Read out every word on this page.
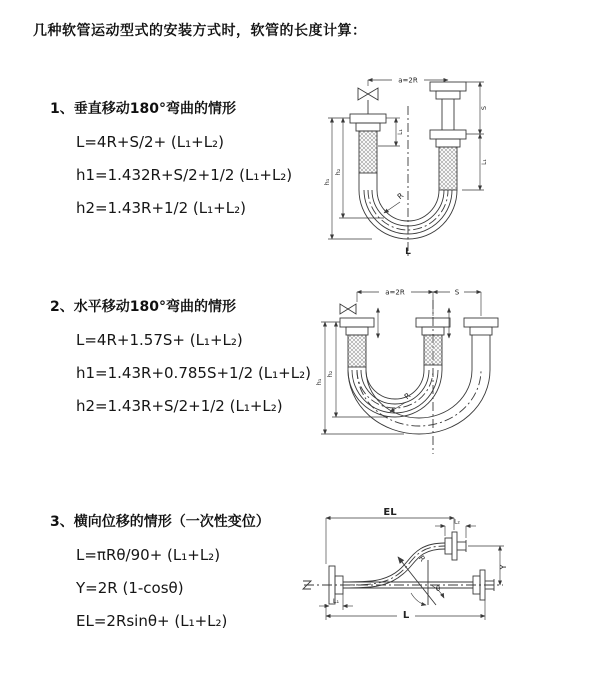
几种软管运动型式的安装方式时，软管的长度计算：
1、垂直移动180°弯曲的情形
L=4R+S/2+ (L₁+L₂)
h1=1.432R+S/2+1/2 (L₁+L₂)
h2=1.43R+1/2 (L₁+L₂)
2、水平移动180°弯曲的情形
L=4R+1.57S+ (L₁+L₂)
h1=1.43R+0.785S+1/2 (L₁+L₂)
h2=1.43R+S/2+1/2 (L₁+L₂)
3、横向位移的情形（一次性变位）
L=πRθ/90+ (L₁+L₂)
Y=2R (1-cosθ)
EL=2Rsinθ+ (L₁+L₂)
a=2R
h₁
h₂
L₁
S
L₁
R
L
a=2R	S
h₁
h₂
R
EL
L₂
Y
L
L₁
R
θ
